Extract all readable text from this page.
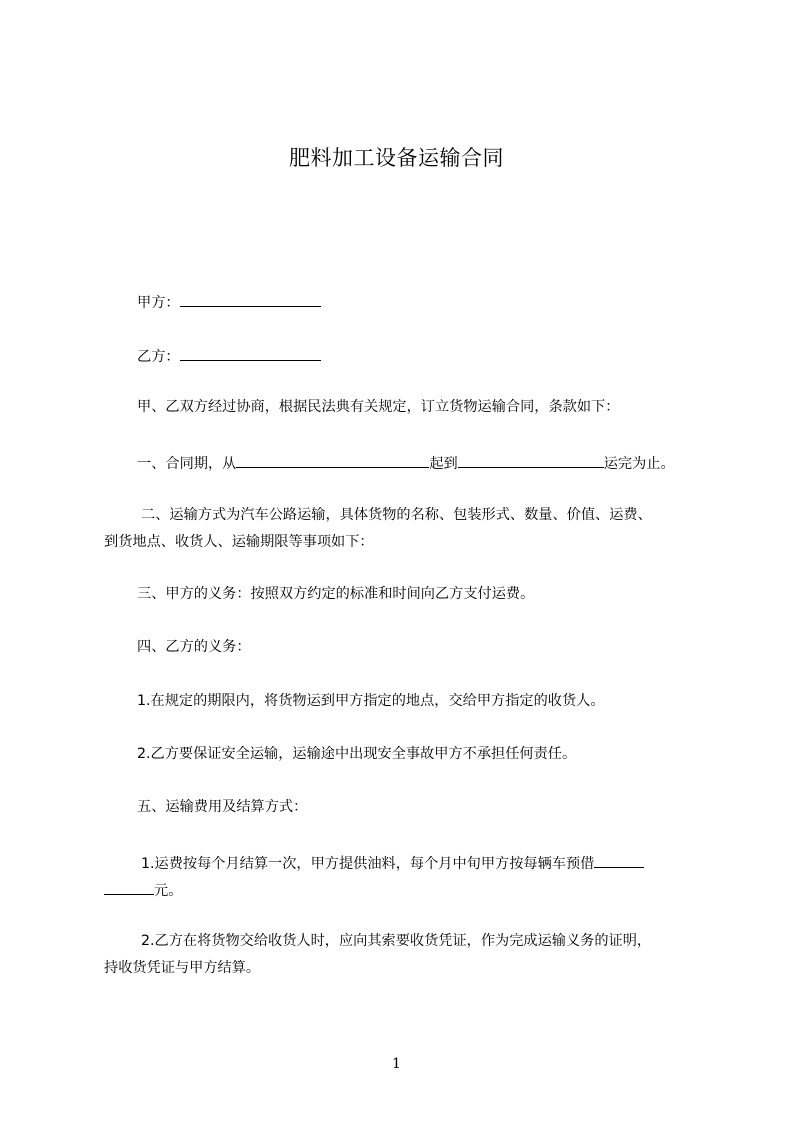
肥料加工设备运输合同
甲方：
乙方：
甲、乙双方经过协商，根据民法典有关规定，订立货物运输合同，条款如下：
一、合同期，从	起到	运完为止。
二、运输方式为汽车公路运输，具体货物的名称、包装形式、数量、价值、运费、
到货地点、收货人、运输期限等事项如下：
三、甲方的义务：按照双方约定的标准和时间向乙方支付运费。
四、乙方的义务：
1.在规定的期限内，将货物运到甲方指定的地点，交给甲方指定的收货人。
2.乙方要保证安全运输，运输途中出现安全事故甲方不承担任何责任。
五、运输费用及结算方式：
1.运费按每个月结算一次，甲方提供油料，每个月中旬甲方按每辆车预借
元。
2.乙方在将货物交给收货人时，应向其索要收货凭证，作为完成运输义务的证明，
持收货凭证与甲方结算。
1
